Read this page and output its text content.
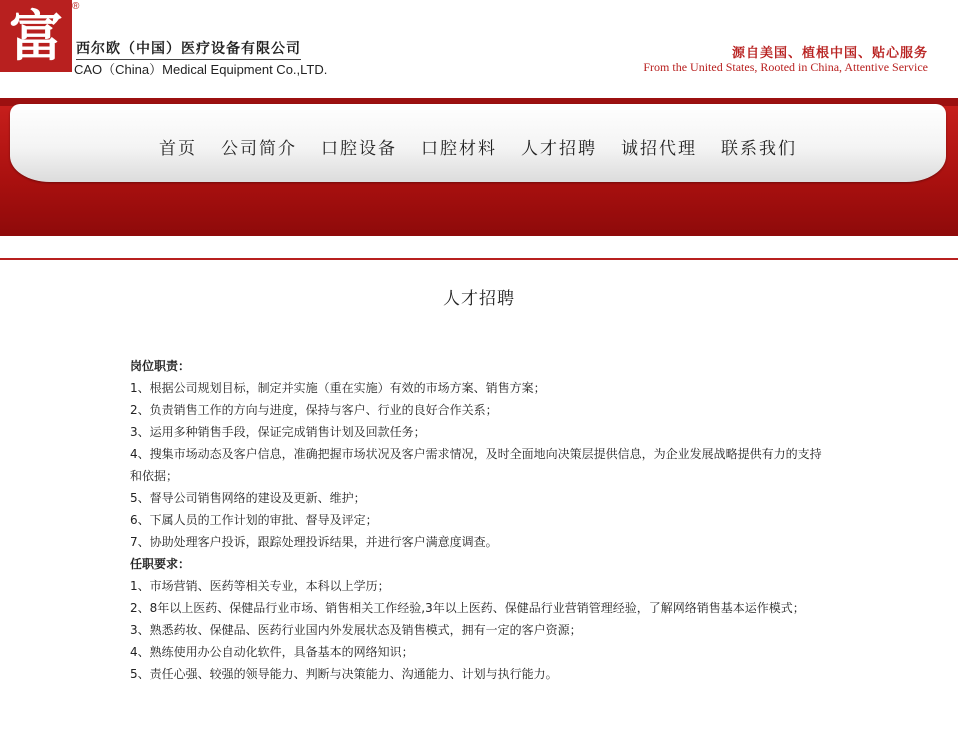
富 ®
西尔欧（中国）医疗设备有限公司
CAO（China）Medical Equipment Co.,LTD.
源自美国、植根中国、贴心服务
From the United States, Rooted in China, Attentive Service
首页 公司简介 口腔设备 口腔材料 人才招聘 诚招代理 联系我们
人才招聘

岗位职责：

1、根据公司规划目标，制定并实施（重在实施）有效的市场方案、销售方案；

2、负责销售工作的方向与进度，保持与客户、行业的良好合作关系；

3、运用多种销售手段，保证完成销售计划及回款任务；

4、搜集市场动态及客户信息，准确把握市场状况及客户需求情况，及时全面地向决策层提供信息，为企业发展战略提供有力的支持和依据；

5、督导公司销售网络的建设及更新、维护；

6、下属人员的工作计划的审批、督导及评定；

7、协助处理客户投诉，跟踪处理投诉结果，并进行客户满意度调查。

任职要求：

1、市场营销、医药等相关专业，本科以上学历；

2、8年以上医药、保健品行业市场、销售相关工作经验,3年以上医药、保健品行业营销管理经验，了解网络销售基本运作模式；

3、熟悉药妆、保健品、医药行业国内外发展状态及销售模式，拥有一定的客户资源；

4、熟练使用办公自动化软件，具备基本的网络知识；

5、责任心强、较强的领导能力、判断与决策能力、沟通能力、计划与执行能力。
